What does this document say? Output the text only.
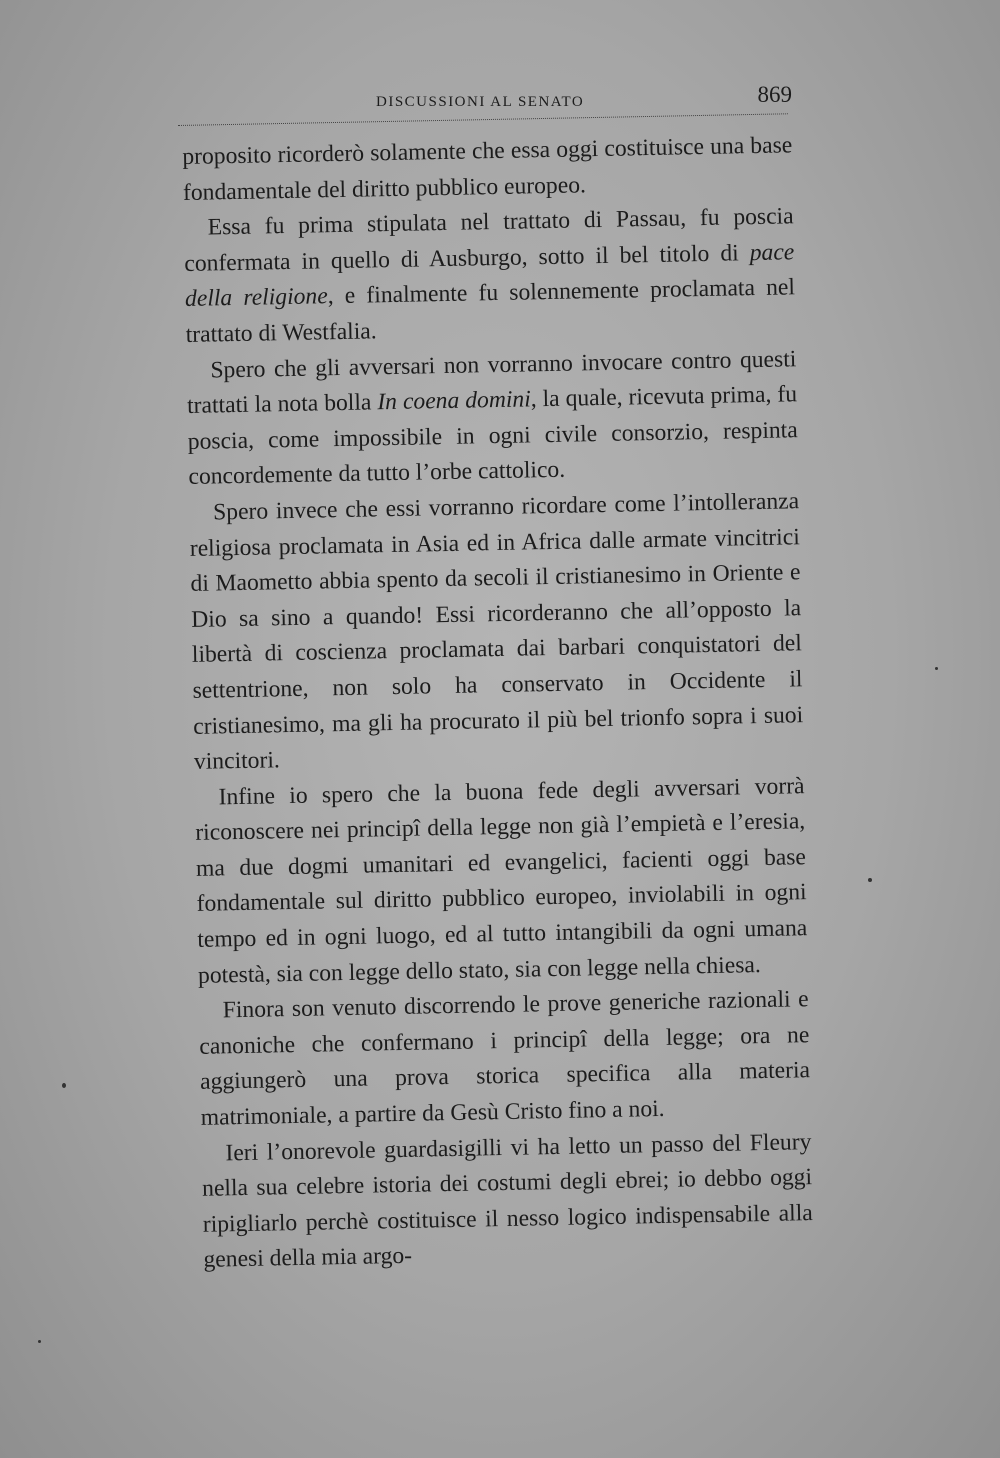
DISCUSSIONI AL SENATO	869

proposito ricorderò solamente che essa oggi costituisce una base fondamentale del diritto pubblico europeo.

Essa fu prima stipulata nel trattato di Passau, fu poscia confermata in quello di Ausburgo, sotto il bel titolo di pace della religione, e finalmente fu solennemente proclamata nel trattato di Westfalia.

Spero che gli avversari non vorranno invocare contro questi trattati la nota bolla In coena domini, la quale, ricevuta prima, fu poscia, come impossibile in ogni civile consorzio, respinta concordemente da tutto l’orbe cattolico.

Spero invece che essi vorranno ricordare come l’intolleranza religiosa proclamata in Asia ed in Africa dalle armate vincitrici di Maometto abbia spento da secoli il cristianesimo in Oriente e Dio sa sino a quando! Essi ricorderanno che all’opposto la libertà di coscienza proclamata dai barbari conquistatori del settentrione, non solo ha conservato in Occidente il cristianesimo, ma gli ha procurato il più bel trionfo sopra i suoi vincitori.

Infine io spero che la buona fede degli avversari vorrà riconoscere nei principî della legge non già l’empietà e l’eresia, ma due dogmi umanitari ed evangelici, facienti oggi base fondamentale sul diritto pubblico europeo, inviolabili in ogni tempo ed in ogni luogo, ed al tutto intangibili da ogni umana potestà, sia con legge dello stato, sia con legge nella chiesa.

Finora son venuto discorrendo le prove generiche razionali e canoniche che confermano i principî della legge; ora ne aggiungerò una prova storica specifica alla materia matrimoniale, a partire da Gesù Cristo fino a noi.

Ieri l’onorevole guardasigilli vi ha letto un passo del Fleury nella sua celebre istoria dei costumi degli ebrei; io debbo oggi ripigliarlo perchè costituisce il nesso logico indispensabile alla genesi della mia argo-
